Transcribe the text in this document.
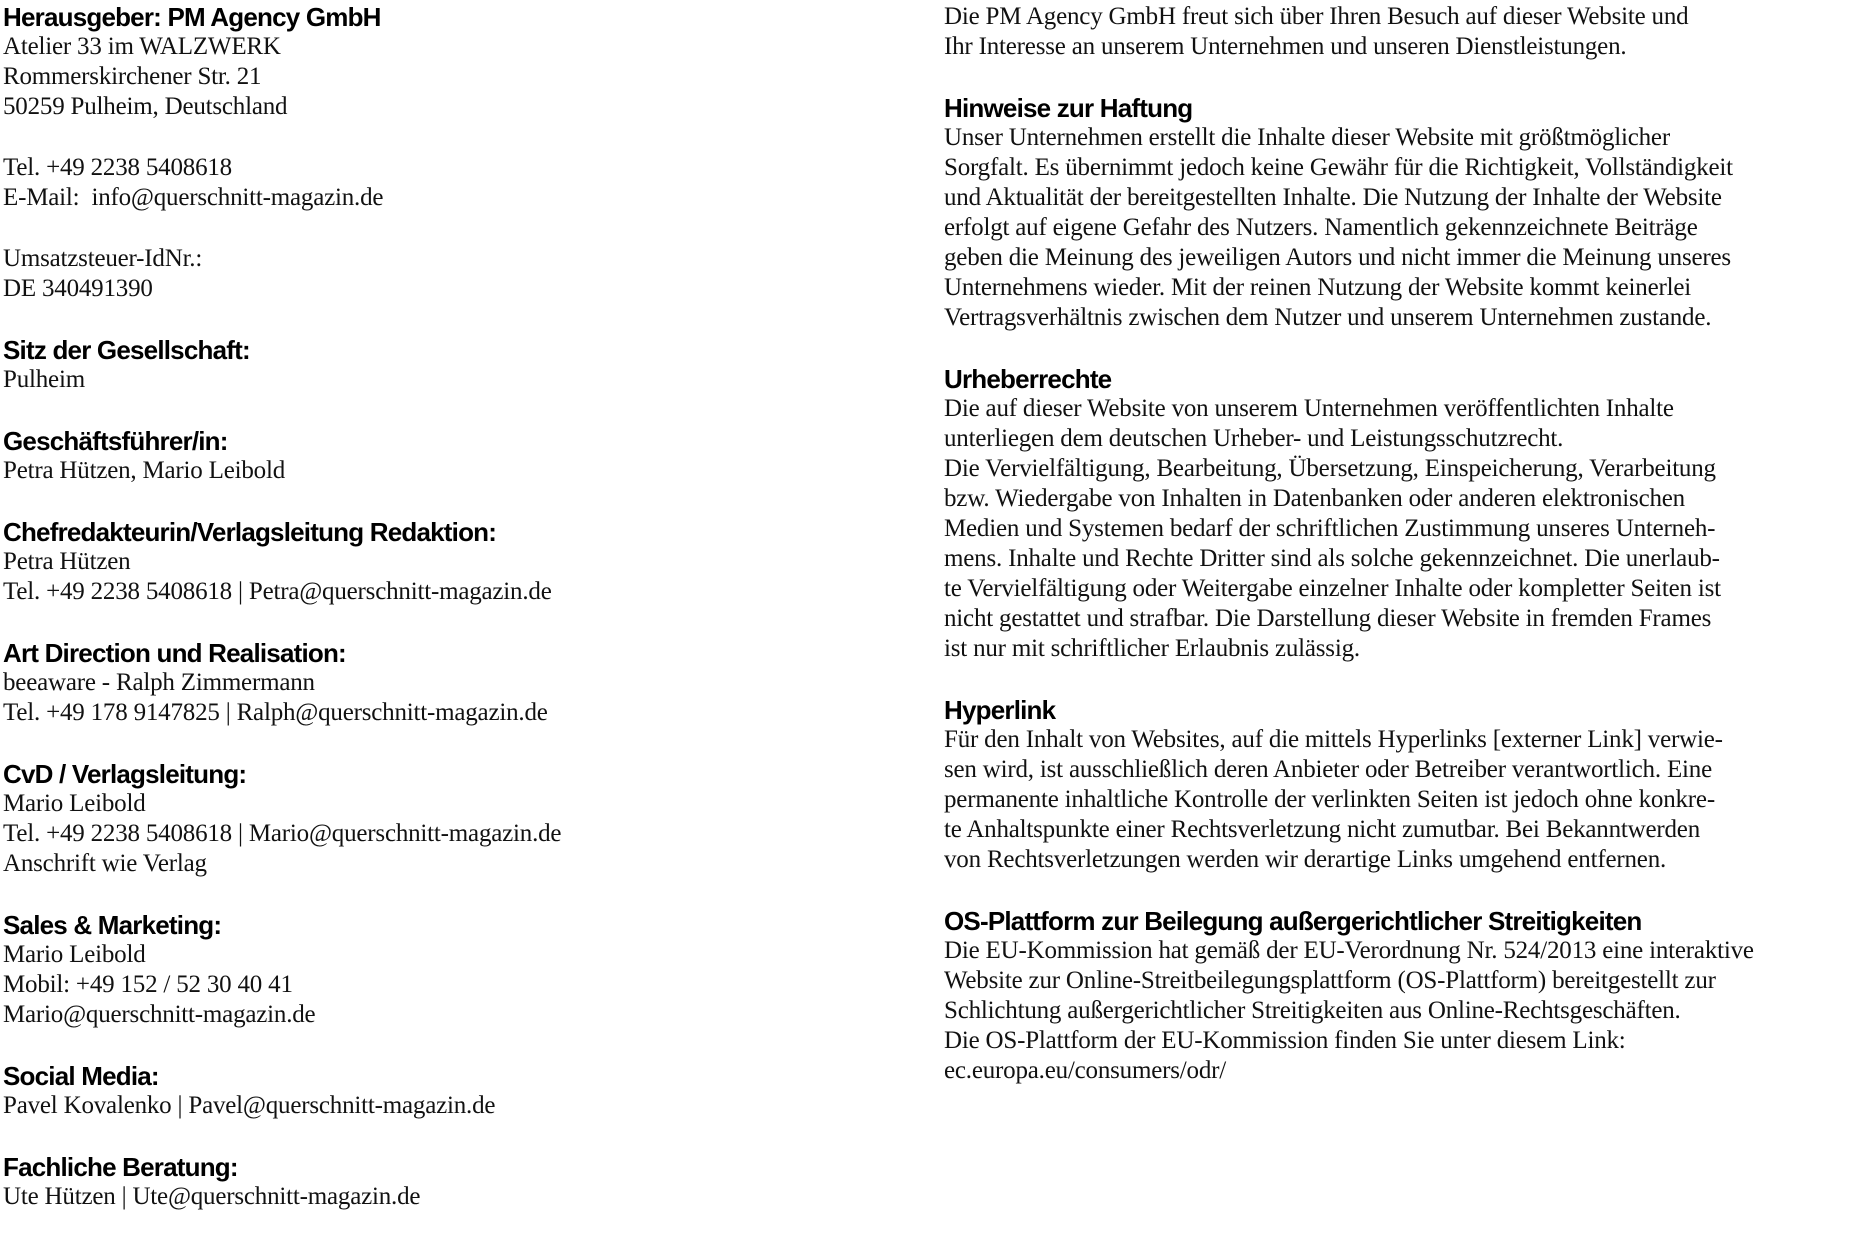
Herausgeber: PM Agency GmbH
Atelier 33 im WALZWERK
Rommerskirchener Str. 21
50259 Pulheim, Deutschland
Tel. +49 2238 5408618
E-Mail:  info@querschnitt-magazin.de
Umsatzsteuer-IdNr.:
DE 340491390
Sitz der Gesellschaft:
Pulheim
Geschäftsführer/in:
Petra Hützen, Mario Leibold
Chefredakteurin/Verlagsleitung Redaktion:
Petra Hützen
Tel. +49 2238 5408618 | Petra@querschnitt-magazin.de
Art Direction und Realisation:
beeaware - Ralph Zimmermann
Tel. +49 178 9147825 | Ralph@querschnitt-magazin.de
CvD / Verlagsleitung:
Mario Leibold
Tel. +49 2238 5408618 | Mario@querschnitt-magazin.de
Anschrift wie Verlag
Sales & Marketing:
Mario Leibold
Mobil: +49 152 / 52 30 40 41
Mario@querschnitt-magazin.de
Social Media:
Pavel Kovalenko | Pavel@querschnitt-magazin.de
Fachliche Beratung:
Ute Hützen | Ute@querschnitt-magazin.de
Die PM Agency GmbH freut sich über Ihren Besuch auf dieser Website und
Ihr Interesse an unserem Unternehmen und unseren Dienstleistungen.
Hinweise zur Haftung
Unser Unternehmen erstellt die Inhalte dieser Website mit größtmöglicher
Sorgfalt. Es übernimmt jedoch keine Gewähr für die Richtigkeit, Vollständigkeit
und Aktualität der bereitgestellten Inhalte. Die Nutzung der Inhalte der Website
erfolgt auf eigene Gefahr des Nutzers. Namentlich gekennzeichnete Beiträge
geben die Meinung des jeweiligen Autors und nicht immer die Meinung unseres
Unternehmens wieder. Mit der reinen Nutzung der Website kommt keinerlei
Vertragsverhältnis zwischen dem Nutzer und unserem Unternehmen zustande.
Urheberrechte
Die auf dieser Website von unserem Unternehmen veröffentlichten Inhalte
unterliegen dem deutschen Urheber- und Leistungsschutzrecht.
Die Vervielfältigung, Bearbeitung, Übersetzung, Einspeicherung, Verarbeitung
bzw. Wiedergabe von Inhalten in Datenbanken oder anderen elektronischen
Medien und Systemen bedarf der schriftlichen Zustimmung unseres Unterneh-
mens. Inhalte und Rechte Dritter sind als solche gekennzeichnet. Die unerlaub-
te Vervielfältigung oder Weitergabe einzelner Inhalte oder kompletter Seiten ist
nicht gestattet und strafbar. Die Darstellung dieser Website in fremden Frames
ist nur mit schriftlicher Erlaubnis zulässig.
Hyperlink
Für den Inhalt von Websites, auf die mittels Hyperlinks [externer Link] verwie-
sen wird, ist ausschließlich deren Anbieter oder Betreiber verantwortlich. Eine
permanente inhaltliche Kontrolle der verlinkten Seiten ist jedoch ohne konkre-
te Anhaltspunkte einer Rechtsverletzung nicht zumutbar. Bei Bekanntwerden
von Rechtsverletzungen werden wir derartige Links umgehend entfernen.
OS-Plattform zur Beilegung außergerichtlicher Streitigkeiten
Die EU-Kommission hat gemäß der EU-Verordnung Nr. 524/2013 eine interaktive
Website zur Online-Streitbeilegungsplattform (OS-Plattform) bereitgestellt zur
Schlichtung außergerichtlicher Streitigkeiten aus Online-Rechtsgeschäften.
Die OS-Plattform der EU-Kommission finden Sie unter diesem Link:
ec.europa.eu/consumers/odr/
